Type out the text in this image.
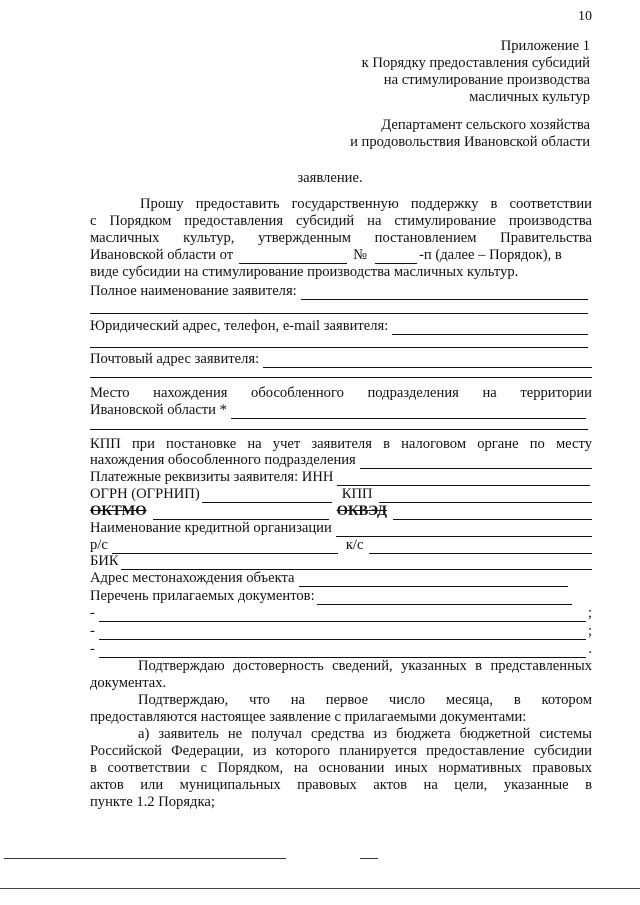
10
Приложение 1
к Порядку предоставления субсидий
на стимулирование производства
масличных культур
Департамент сельского хозяйства
и продовольствия Ивановской области
заявление.
Прошу предоставить государственную поддержку в соответствии
с Порядком предоставления субсидий на стимулирование производства
масличных культур, утвержденным постановлением Правительства
Ивановской области от	№	-п (далее – Порядок), в
виде субсидии на стимулирование производства масличных культур.
Полное наименование заявителя:
Юридический адрес, телефон, e-mail заявителя:
Почтовый адрес заявителя:
Место нахождения обособленного подразделения на территории
Ивановской области *
КПП при постановке на учет заявителя в налоговом органе по месту
нахождения обособленного подразделения
Платежные реквизиты заявителя: ИНН
ОГРН (ОГРНИП)	КПП
ОКТМО	ОКВЭД
Наименование кредитной организации
р/с	к/с
БИК
Адрес местонахождения объекта
Перечень прилагаемых документов:
-	;
-	;
-	.
Подтверждаю достоверность сведений, указанных в представленных
документах.
Подтверждаю, что на первое число месяца, в котором
предоставляются настоящее заявление с прилагаемыми документами:
а) заявитель не получал средства из бюджета бюджетной системы
Российской Федерации, из которого планируется предоставление субсидии
в соответствии с Порядком, на основании иных нормативных правовых
актов или муниципальных правовых актов на цели, указанные в
пункте 1.2 Порядка;
